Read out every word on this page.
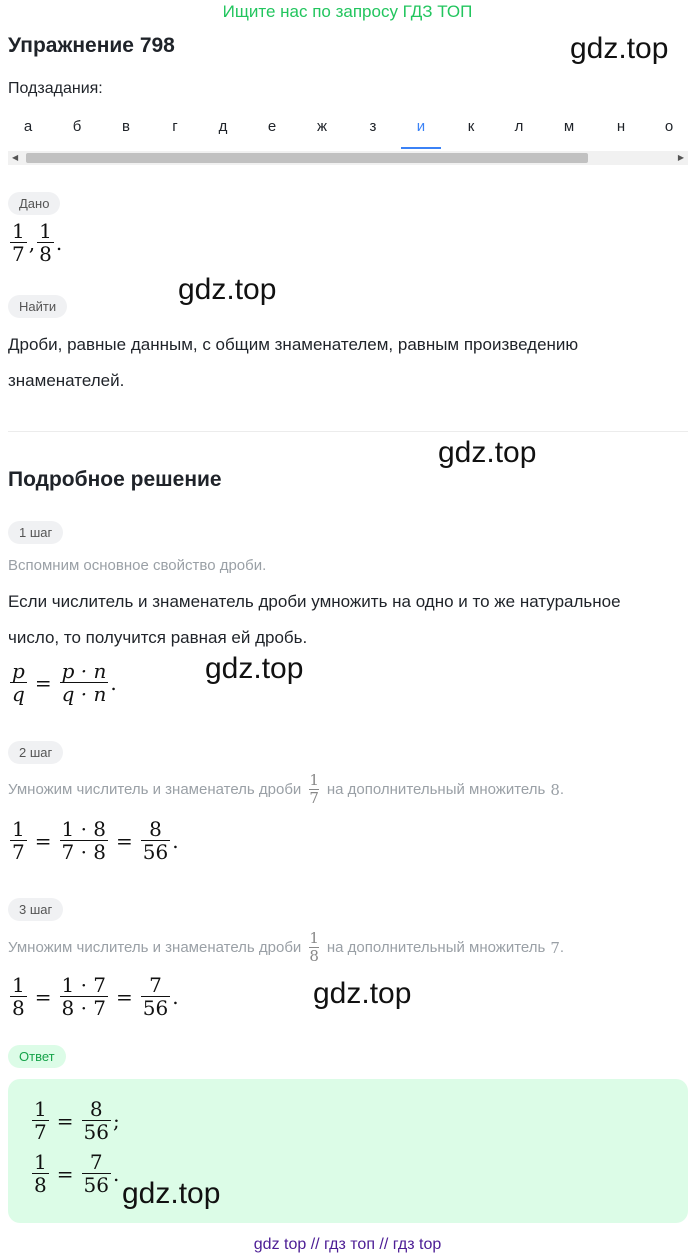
Ищите нас по запросу ГДЗ ТОП
Упражнение 798	gdz.top
Подзадания:
а	б	в	г	д	е	ж	з	и	к	л	м	н	о
◀	▶
Дано
$\frac{1}{7}$ , $\frac{1}{8}$ .
Найти
gdz.top
Дроби, равные данным, с общим знаменателем, равным произведению
знаменателей.
gdz.top
Подробное решение
1 шаг
Вспомним основное свойство дроби.
Если числитель и знаменатель дроби умножить на одно и то же натуральное
число, то получится равная ей дробь.
$\frac{p}{q} = \frac{p \cdot n}{q \cdot n}$ .	gdz.top
2 шаг
Умножим числитель и знаменатель дроби $\frac{1}{7}$ на дополнительный множитель 8 .
$\frac{1}{7} = \frac{1 \cdot 8}{7 \cdot 8} = \frac{8}{56}$ .
3 шаг
Умножим числитель и знаменатель дроби $\frac{1}{8}$ на дополнительный множитель 7 .
$\frac{1}{8} = \frac{1 \cdot 7}{8 \cdot 7} = \frac{7}{56}$ .	gdz.top
Ответ
$\frac{1}{7} = \frac{8}{56}$ ;
$\frac{1}{8} = \frac{7}{56}$ .
gdz.top
gdz top // гдз топ // гдз top
